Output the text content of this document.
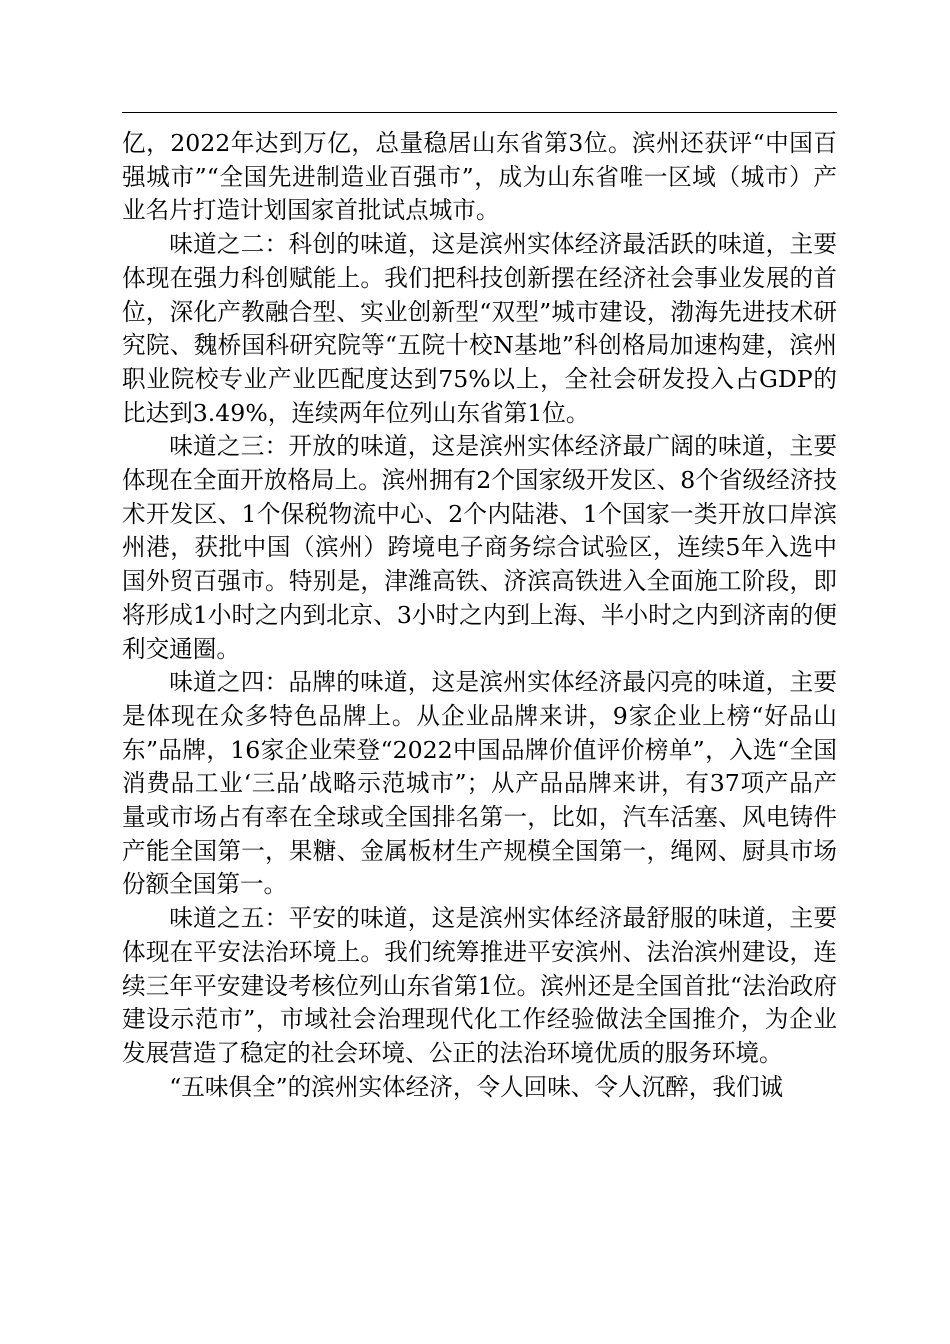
亿，2022年达到万亿，总量稳居山东省第3位。滨州还获评“中国百强城市”“全国先进制造业百强市”，成为山东省唯一区域（城市）产业名片打造计划国家首批试点城市。

味道之二：科创的味道，这是滨州实体经济最活跃的味道，主要体现在强力科创赋能上。我们把科技创新摆在经济社会事业发展的首位，深化产教融合型、实业创新型“双型”城市建设，渤海先进技术研究院、魏桥国科研究院等“五院十校N基地”科创格局加速构建，滨州职业院校专业产业匹配度达到75%以上，全社会研发投入占GDP的比达到3.49%，连续两年位列山东省第1位。

味道之三：开放的味道，这是滨州实体经济最广阔的味道，主要体现在全面开放格局上。滨州拥有2个国家级开发区、8个省级经济技术开发区、1个保税物流中心、2个内陆港、1个国家一类开放口岸滨州港，获批中国（滨州）跨境电子商务综合试验区，连续5年入选中国外贸百强市。特别是，津潍高铁、济滨高铁进入全面施工阶段，即将形成1小时之内到北京、3小时之内到上海、半小时之内到济南的便利交通圈。

味道之四：品牌的味道，这是滨州实体经济最闪亮的味道，主要是体现在众多特色品牌上。从企业品牌来讲，9家企业上榜“好品山东”品牌，16家企业荣登“2022中国品牌价值评价榜单”，入选“全国消费品工业‘三品’战略示范城市”；从产品品牌来讲，有37项产品产量或市场占有率在全球或全国排名第一，比如，汽车活塞、风电铸件产能全国第一，果糖、金属板材生产规模全国第一，绳网、厨具市场份额全国第一。

味道之五：平安的味道，这是滨州实体经济最舒服的味道，主要体现在平安法治环境上。我们统筹推进平安滨州、法治滨州建设，连续三年平安建设考核位列山东省第1位。滨州还是全国首批“法治政府建设示范市”，市域社会治理现代化工作经验做法全国推介，为企业发展营造了稳定的社会环境、公正的法治环境优质的服务环境。

“五味俱全”的滨州实体经济，令人回味、令人沉醉，我们诚
